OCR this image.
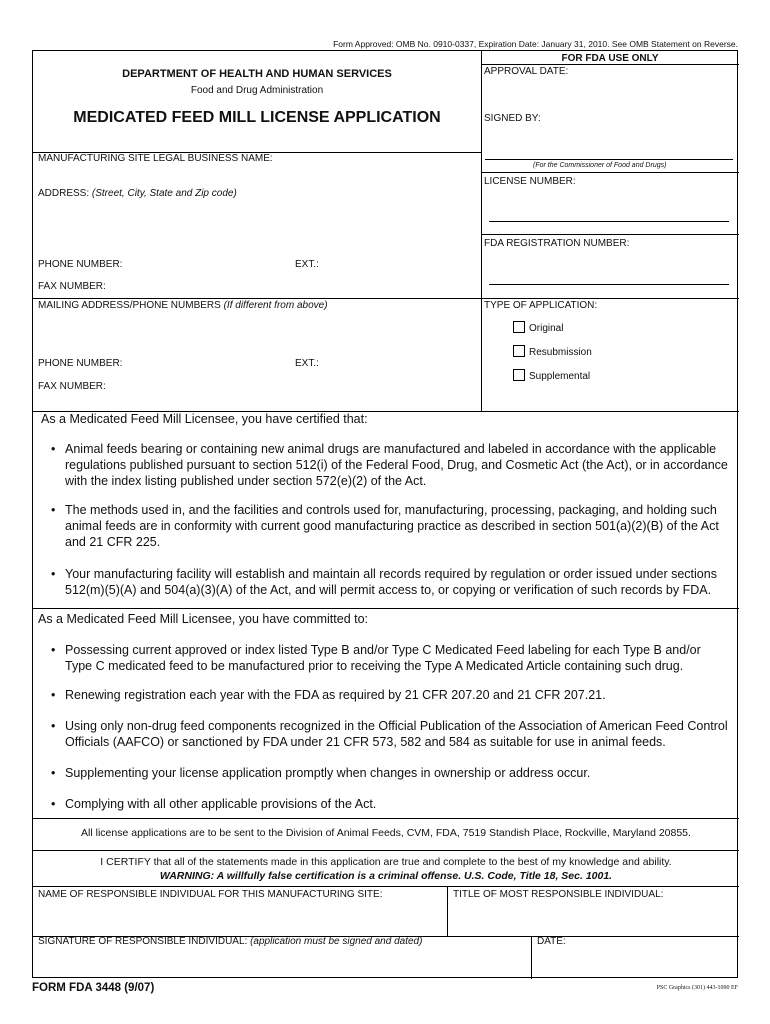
Form Approved: OMB No. 0910-0337, Expiration Date: January 31, 2010. See OMB Statement on Reverse.
DEPARTMENT OF HEALTH AND HUMAN SERVICES
Food and Drug Administration
MEDICATED FEED MILL LICENSE APPLICATION
FOR FDA USE ONLY
APPROVAL DATE:
SIGNED BY:
(For the Commissioner of Food and Drugs)
LICENSE NUMBER:
FDA REGISTRATION NUMBER:
TYPE OF APPLICATION:
Original
Resubmission
Supplemental
MANUFACTURING SITE LEGAL BUSINESS NAME:
ADDRESS: (Street, City, State and Zip code)
PHONE NUMBER:	EXT.:
FAX NUMBER:
MAILING ADDRESS/PHONE NUMBERS (If different from above)
PHONE NUMBER:	EXT.:
FAX NUMBER:
As a Medicated Feed Mill Licensee, you have certified that:
• Animal feeds bearing or containing new animal drugs are manufactured and labeled in accordance with the applicable regulations published pursuant to section 512(i) of the Federal Food, Drug, and Cosmetic Act (the Act), or in accordance with the index listing published under section 572(e)(2) of the Act.
• The methods used in, and the facilities and controls used for, manufacturing, processing, packaging, and holding such animal feeds are in conformity with current good manufacturing practice as described in section 501(a)(2)(B) of the Act and 21 CFR 225.
• Your manufacturing facility will establish and maintain all records required by regulation or order issued under sections 512(m)(5)(A) and 504(a)(3)(A) of the Act, and will permit access to, or copying or verification of such records by FDA.
As a Medicated Feed Mill Licensee, you have committed to:
• Possessing current approved or index listed Type B and/or Type C Medicated Feed labeling for each Type B and/or Type C medicated feed to be manufactured prior to receiving the Type A Medicated Article containing such drug.
• Renewing registration each year with the FDA as required by 21 CFR 207.20 and 21 CFR 207.21.
• Using only non-drug feed components recognized in the Official Publication of the Association of American Feed Control Officials (AAFCO) or sanctioned by FDA under 21 CFR 573, 582 and 584 as suitable for use in animal feeds.
• Supplementing your license application promptly when changes in ownership or address occur.
• Complying with all other applicable provisions of the Act.
All license applications are to be sent to the Division of Animal Feeds, CVM, FDA, 7519 Standish Place, Rockville, Maryland 20855.
I CERTIFY that all of the statements made in this application are true and complete to the best of my knowledge and ability.
WARNING: A willfully false certification is a criminal offense. U.S. Code, Title 18, Sec. 1001.
NAME OF RESPONSIBLE INDIVIDUAL FOR THIS MANUFACTURING SITE:	TITLE OF MOST RESPONSIBLE INDIVIDUAL:
SIGNATURE OF RESPONSIBLE INDIVIDUAL: (application must be signed and dated)	DATE:
FORM FDA 3448 (9/07)	PSC Graphics (301) 443-1090 EF
